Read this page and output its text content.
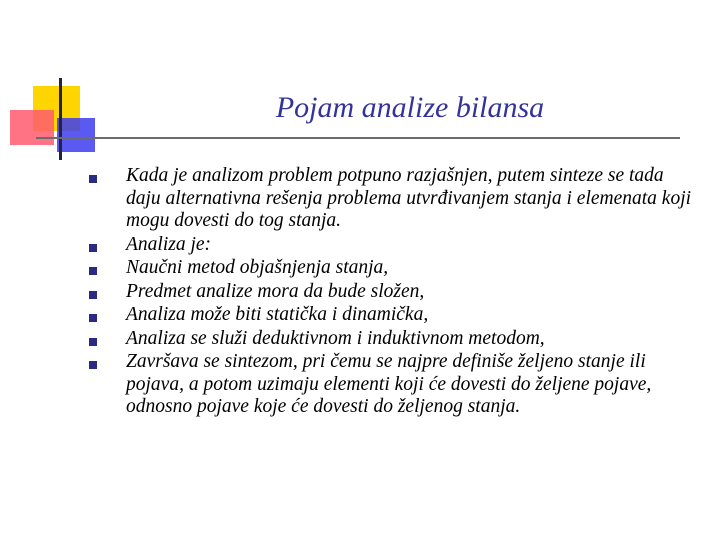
Pojam analize bilansa
Kada je analizom problem potpuno razjašnjen, putem sinteze se tada daju alternativna rešenja problema utvrđivanjem stanja i elemenata koji mogu dovesti do tog stanja.
Analiza je:
Naučni metod objašnjenja stanja,
Predmet analize mora da bude složen,
Analiza može biti statička i dinamička,
Analiza se služi deduktivnom i induktivnom metodom,
Završava se sintezom, pri čemu se najpre definiše željeno stanje ili pojava, a potom uzimaju elementi koji će dovesti do željene pojave, odnosno pojave koje će dovesti do željenog stanja.
